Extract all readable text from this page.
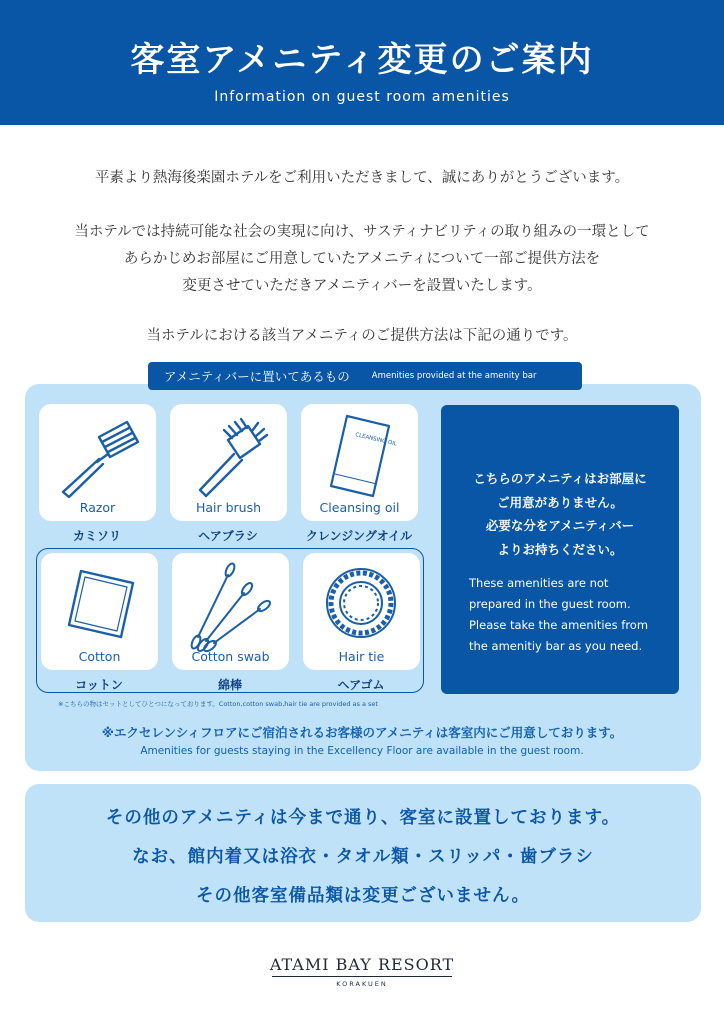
客室アメニティ変更のご案内
Information on guest room amenities
平素より熱海後楽園ホテルをご利用いただきまして、誠にありがとうございます。
当ホテルでは持続可能な社会の実現に向け、サスティナビリティの取り組みの一環として
あらかじめお部屋にご用意していたアメニティについて一部ご提供方法を
変更させていただきアメニティバーを設置いたします。
当ホテルにおける該当アメニティのご提供方法は下記の通りです。
アメニティバーに置いてあるもの	Amenities provided at the amenity bar
Razor	Hair brush
CLEANSING OIL
Cleansing oil
カミソリ	ヘアブラシ	クレンジングオイル
Cotton	Cotton swab	Hair tie
コットン	綿棒	ヘアゴム
※こちらの物はセットとしてひとつになっております。Cotton,cotton swab,hair tie are provided as a set
こちらのアメニティはお部屋に
ご用意がありません。
必要な分をアメニティバー
よりお持ちください。
These amenities are not
prepared in the guest room.
Please take the amenities from
the amenitiy bar as you need.
※エクセレンシィフロアにご宿泊されるお客様のアメニティは客室内にご用意しております。
Amenities for guests staying in the Excellency Floor are available in the guest room.
その他のアメニティは今まで通り、客室に設置しております。
なお、館内着又は浴衣・タオル類・スリッパ・歯ブラシ
その他客室備品類は変更ございません。
ATAMI BAY RESORT
KORAKUEN
